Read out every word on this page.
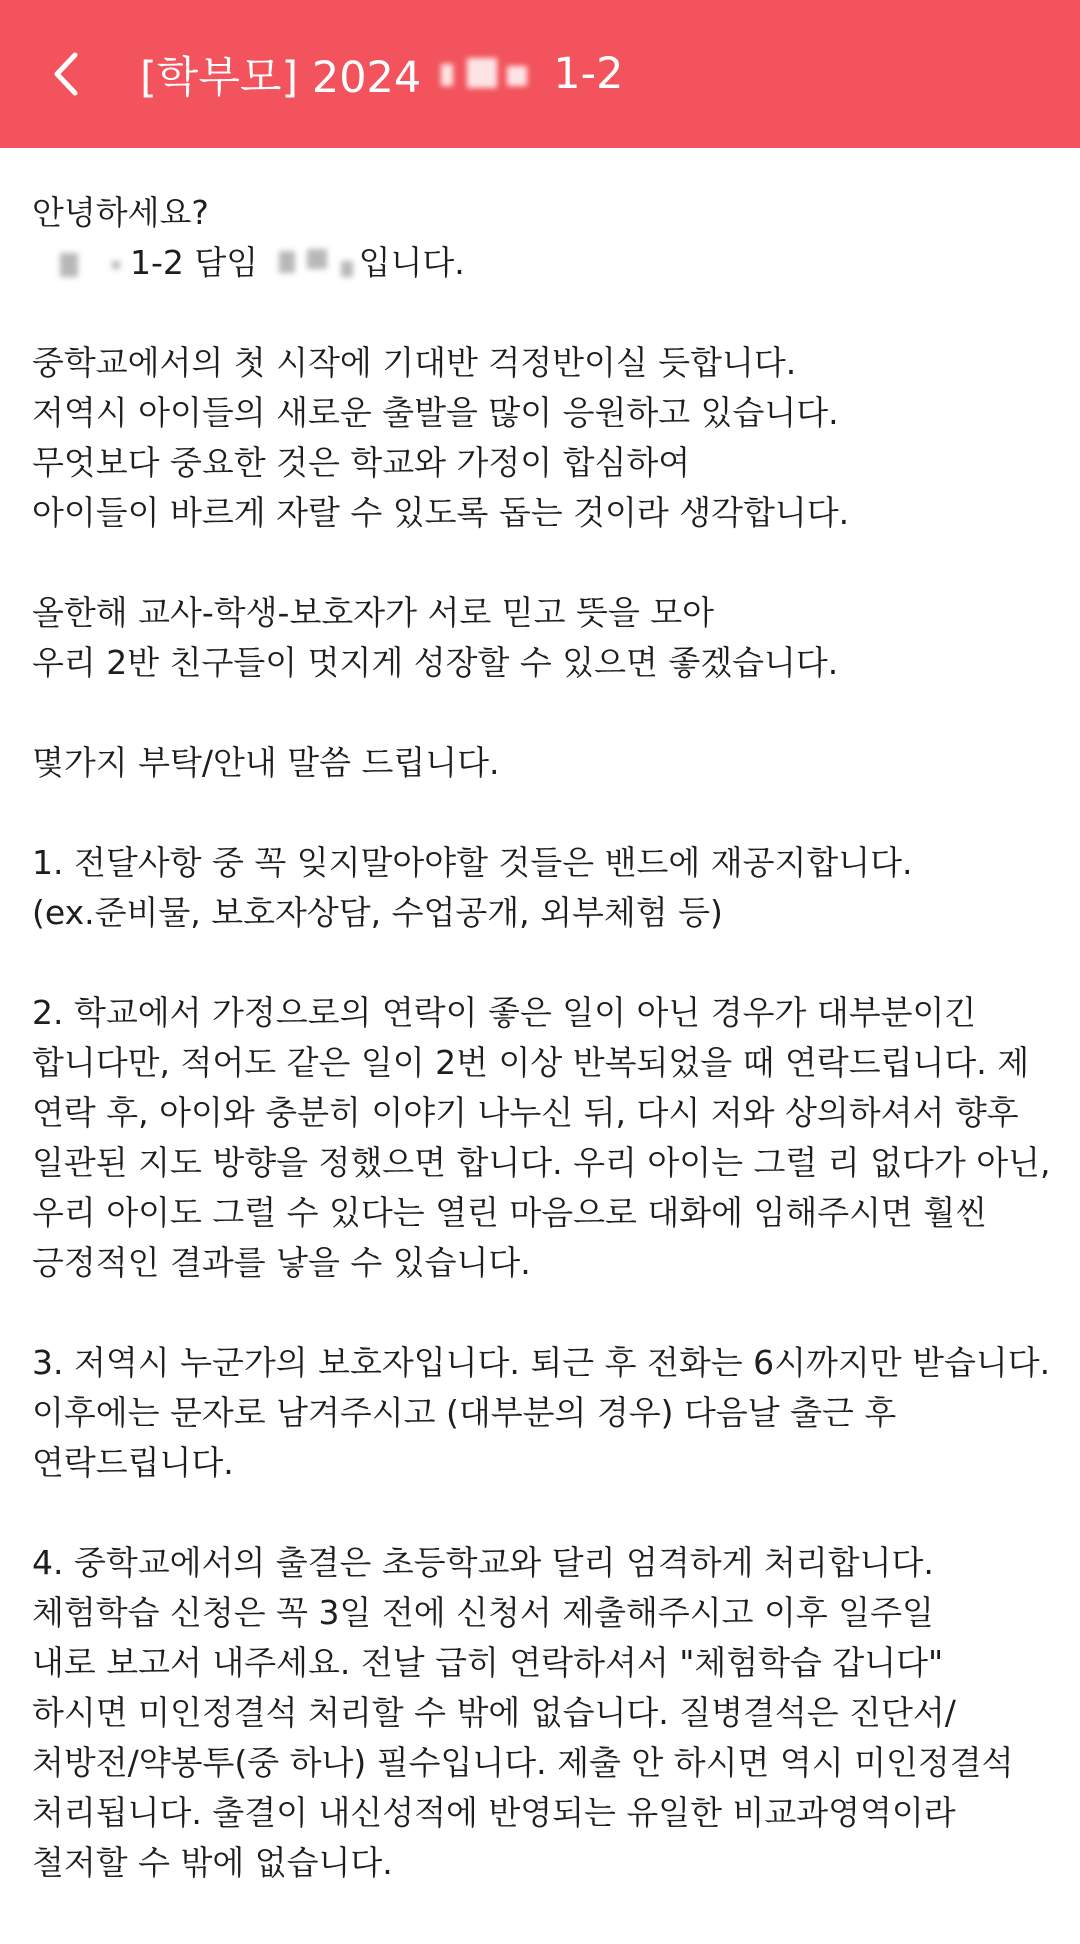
[학부모] 2024	1-2
안녕하세요?
1-2 담임	입니다.
중학교에서의 첫 시작에 기대반 걱정반이실 듯합니다.
저역시 아이들의 새로운 출발을 많이 응원하고 있습니다.
무엇보다 중요한 것은 학교와 가정이 합심하여
아이들이 바르게 자랄 수 있도록 돕는 것이라 생각합니다.
올한해 교사-학생-보호자가 서로 믿고 뜻을 모아
우리 2반 친구들이 멋지게 성장할 수 있으면 좋겠습니다.
몇가지 부탁/안내 말씀 드립니다.
1. 전달사항 중 꼭 잊지말아야할 것들은 밴드에 재공지합니다.
(ex.준비물, 보호자상담, 수업공개, 외부체험 등)
2. 학교에서 가정으로의 연락이 좋은 일이 아닌 경우가 대부분이긴
합니다만, 적어도 같은 일이 2번 이상 반복되었을 때 연락드립니다. 제
연락 후, 아이와 충분히 이야기 나누신 뒤, 다시 저와 상의하셔서 향후
일관된 지도 방향을 정했으면 합니다. 우리 아이는 그럴 리 없다가 아닌,
우리 아이도 그럴 수 있다는 열린 마음으로 대화에 임해주시면 훨씬
긍정적인 결과를 낳을 수 있습니다.
3. 저역시 누군가의 보호자입니다. 퇴근 후 전화는 6시까지만 받습니다.
이후에는 문자로 남겨주시고 (대부분의 경우) 다음날 출근 후
연락드립니다.
4. 중학교에서의 출결은 초등학교와 달리 엄격하게 처리합니다.
체험학습 신청은 꼭 3일 전에 신청서 제출해주시고 이후 일주일
내로 보고서 내주세요. 전날 급히 연락하셔서 "체험학습 갑니다"
하시면 미인정결석 처리할 수 밖에 없습니다. 질병결석은 진단서/
처방전/약봉투(중 하나) 필수입니다. 제출 안 하시면 역시 미인정결석
처리됩니다. 출결이 내신성적에 반영되는 유일한 비교과영역이라
철저할 수 밖에 없습니다.
